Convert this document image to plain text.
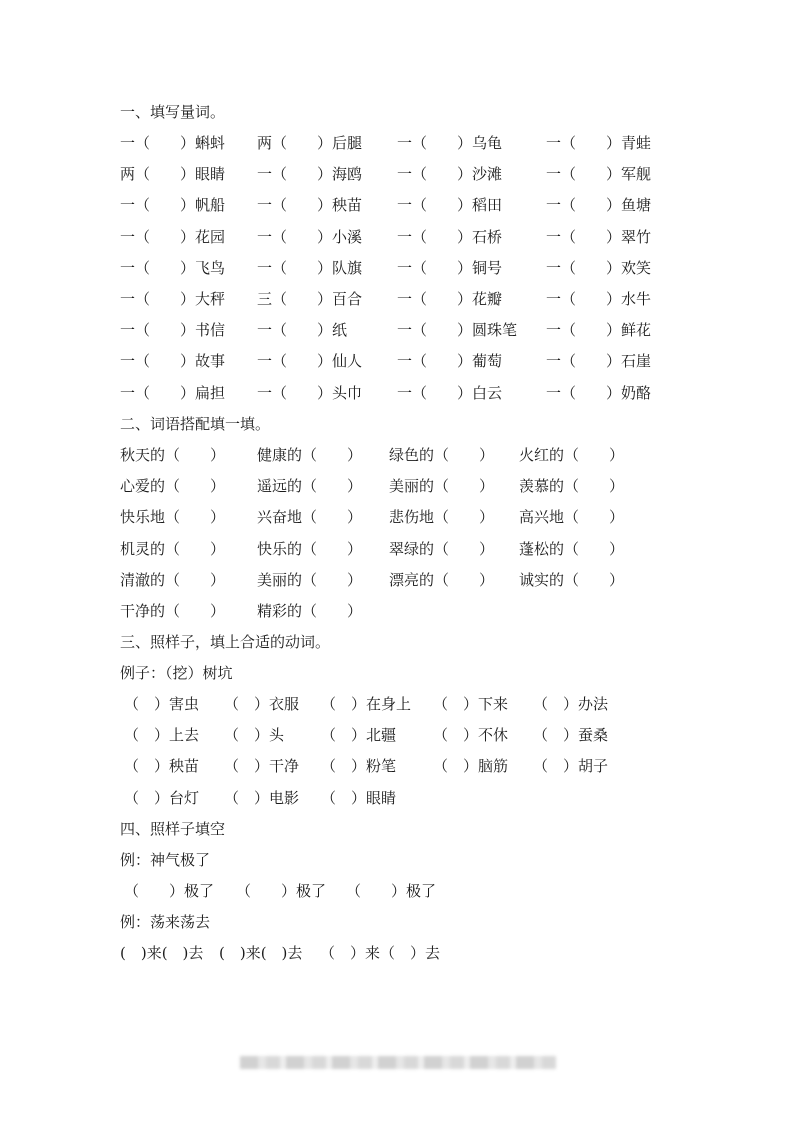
一、填写量词。
一（　　）蝌蚪 两（　　）后腿 一（　　）乌龟	一（　　）青蛙
两（　　）眼睛 一（　　）海鸥 一（　　）沙滩	一（　　）军舰
一（　　）帆船 一（　　）秧苗 一（　　）稻田	一（　　）鱼塘
一（　　）花园 一（　　）小溪 一（　　）石桥	一（　　）翠竹
一（　　）飞鸟 一（　　）队旗 一（　　）铜号	一（　　）欢笑
一（　　）大秤 三（　　）百合 一（　　）花瓣	一（　　）水牛
一（　　）书信 一（　　）纸	一（　　）圆珠笔 一（　　）鲜花
一（　　）故事 一（　　）仙人 一（　　）葡萄	一（　　）石崖
一（　　）扁担 一（　　）头巾 一（　　）白云	一（　　）奶酪
二、词语搭配填一填。
秋天的（　　） 健康的（　　） 绿色的（　　） 火红的（　　）
心爱的（　　） 遥远的（　　） 美丽的（　　） 羡慕的（　　）
快乐地（　　） 兴奋地（　　） 悲伤地（　　） 高兴地（　　）
机灵的（　　） 快乐的（　　） 翠绿的（　　） 蓬松的（　　）
清澈的（　　） 美丽的（　　） 漂亮的（　　） 诚实的（　　）
干净的（　　） 精彩的（　　）
三、照样子，填上合适的动词。
例子：（挖）树坑
（　）害虫 （　）衣服 （　）在身上 （　）下来 （　）办法
（　）上去 （　）头 （　）北疆 （　）不休 （　）蚕桑
（　）秧苗 （　）干净 （　）粉笔 （　）脑筋 （　）胡子
（　）台灯 （　）电影 （　）眼睛
四、照样子填空
例：神气极了
（　　）极了 （　　）极了 （　　）极了
例：荡来荡去
(　)来(　)去 (　)来(　)去 （　）来（　）去
